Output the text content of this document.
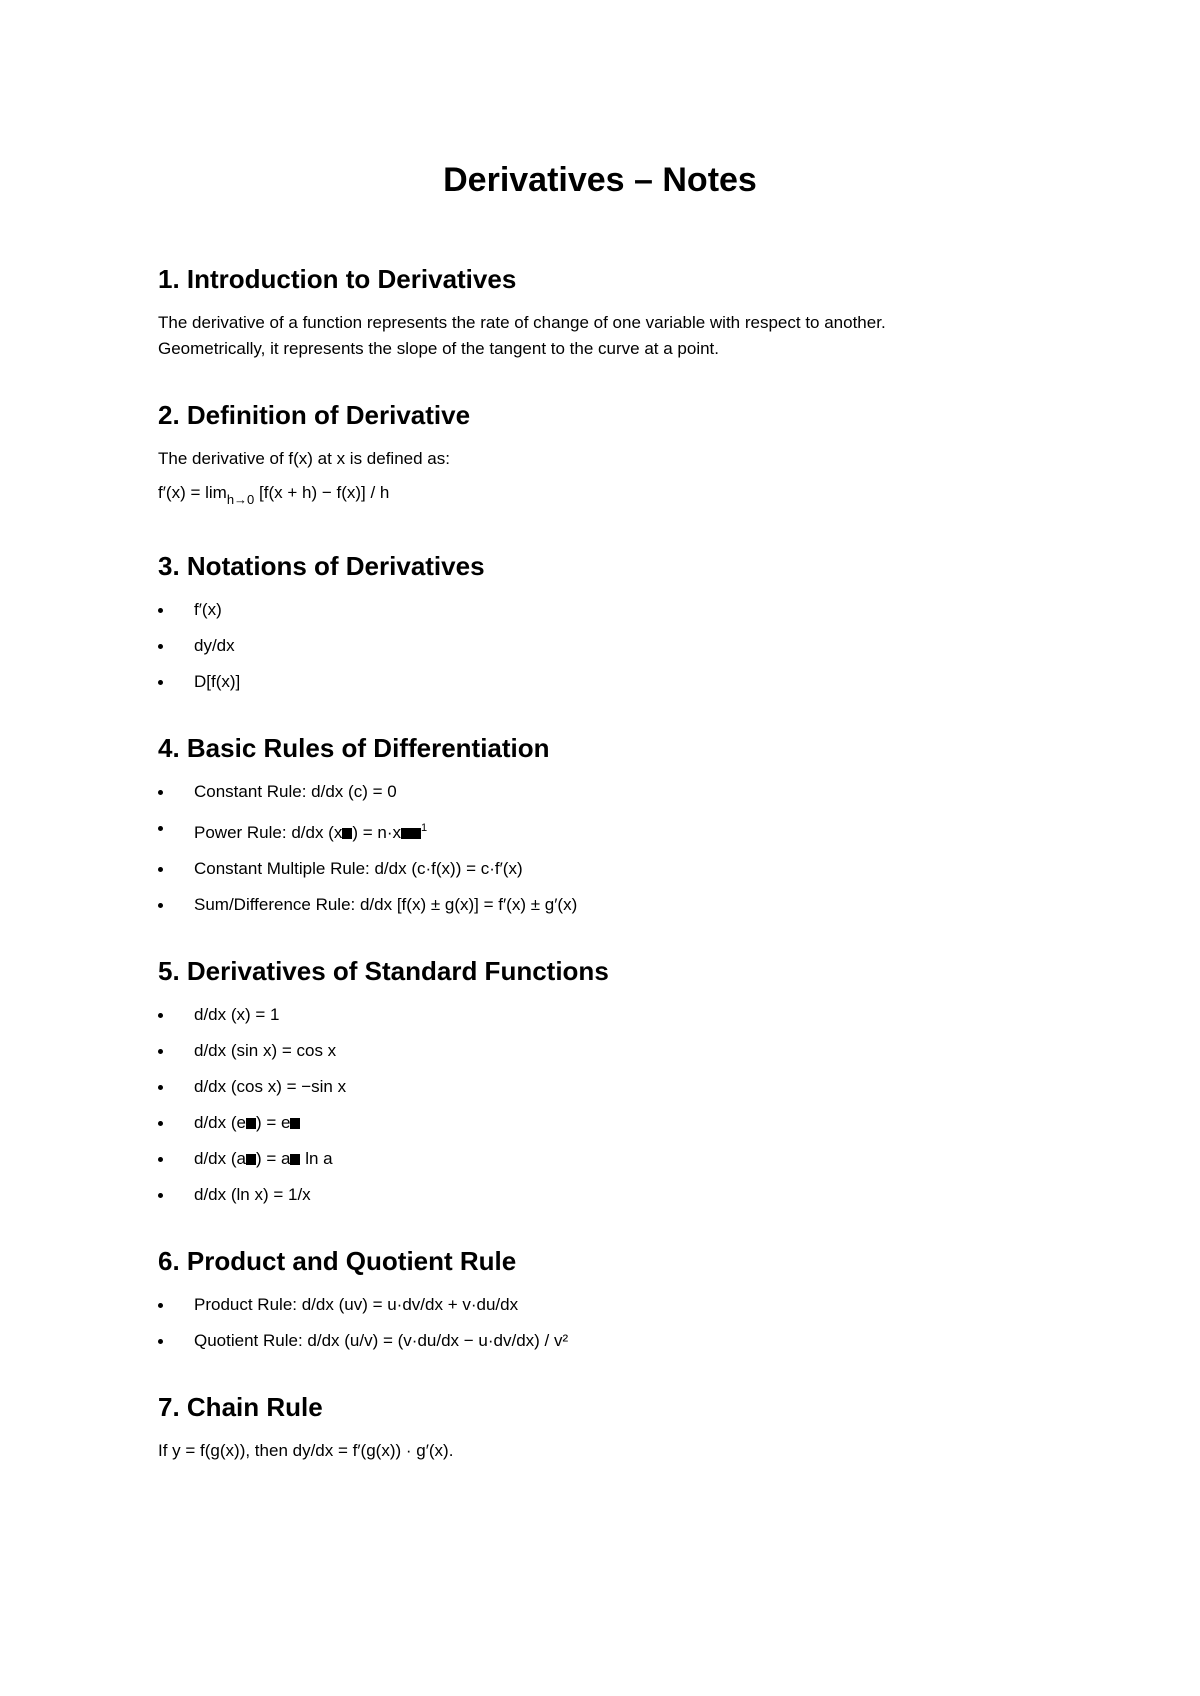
Derivatives – Notes
1. Introduction to Derivatives

The derivative of a function represents the rate of change of one variable with respect to another.

Geometrically, it represents the slope of the tangent to the curve at a point.

2. Definition of Derivative

The derivative of f(x) at x is defined as:

$f'(x) = \lim_{h\to 0} [f(x + h) - f(x)] / h$

3. Notations of Derivatives
f′(x)
dy/dx
D[f(x)]
4. Basic Rules of Differentiation
Constant Rule: d/dx (c) = 0
Power Rule: d/dx (x ) = n·x $^1$
Constant Multiple Rule: d/dx (c·f(x)) = c·f′(x)
Sum/Difference Rule: d/dx [f(x) ± g(x)] = f′(x) ± g′(x)
5. Derivatives of Standard Functions
d/dx (x) = 1
d/dx (sin x) = cos x
d/dx (cos x) = −sin x
d/dx (e ) = e
d/dx (a ) = a ln a
d/dx (ln x) = 1/x
6. Product and Quotient Rule
Product Rule: d/dx (uv) = u·dv/dx + v·du/dx
Quotient Rule: d/dx (u/v) = (v·du/dx − u·dv/dx) / v²
7. Chain Rule

If y = f(g(x)), then dy/dx = f′(g(x)) · g′(x).
